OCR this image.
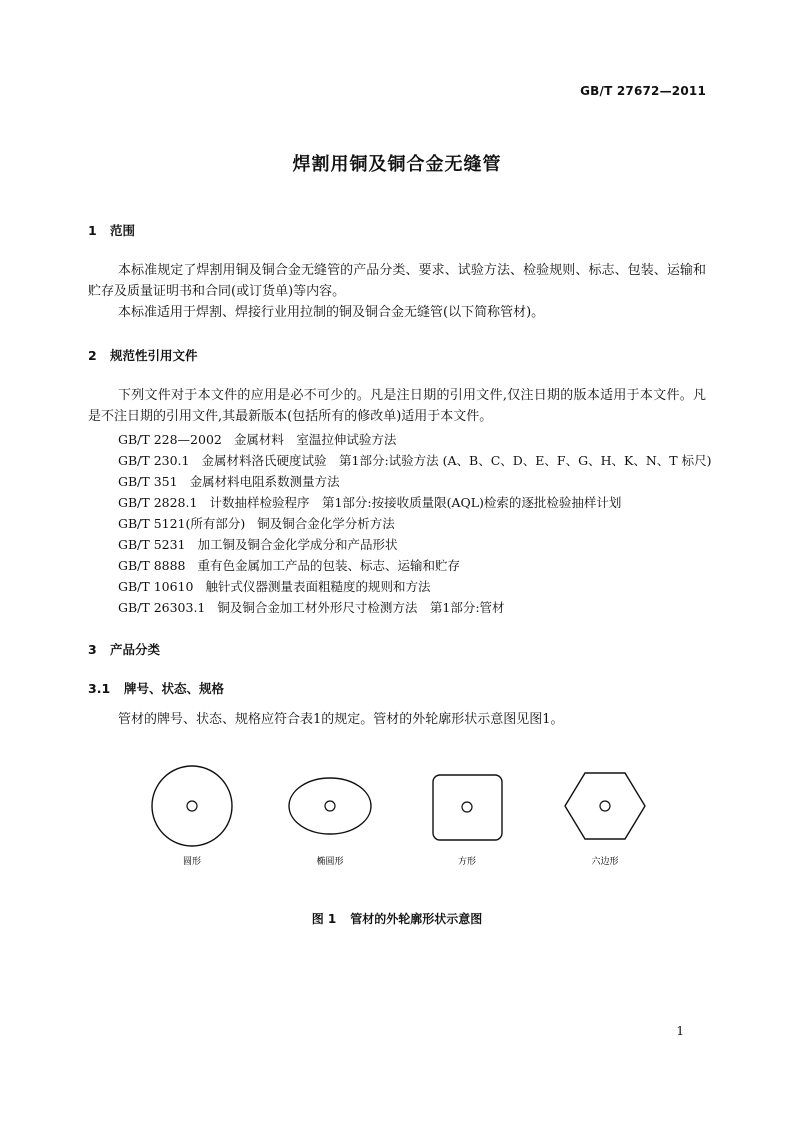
GB/T 27672—2011
焊割用铜及铜合金无缝管
1 范围
本标准规定了焊割用铜及铜合金无缝管的产品分类、要求、试验方法、检验规则、标志、包装、运输和贮存及质量证明书和合同(或订货单)等内容。
本标准适用于焊割、焊接行业用拉制的铜及铜合金无缝管(以下简称管材)。
2 规范性引用文件
下列文件对于本文件的应用是必不可少的。凡是注日期的引用文件,仅注日期的版本适用于本文件。凡是不注日期的引用文件,其最新版本(包括所有的修改单)适用于本文件。
GB/T 228—2002 金属材料　室温拉伸试验方法
GB/T 230.1 金属材料洛氏硬度试验　第1部分:试验方法 (A、B、C、D、E、F、G、H、K、N、T 标尺)
GB/T 351 金属材料电阻系数测量方法
GB/T 2828.1 计数抽样检验程序　第1部分:按接收质量限(AQL)检索的逐批检验抽样计划
GB/T 5121(所有部分) 铜及铜合金化学分析方法
GB/T 5231 加工铜及铜合金化学成分和产品形状
GB/T 8888 重有色金属加工产品的包装、标志、运输和贮存
GB/T 10610 触针式仪器测量表面粗糙度的规则和方法
GB/T 26303.1 铜及铜合金加工材外形尺寸检测方法　第1部分:管材
3 产品分类
3.1 牌号、状态、规格
管材的牌号、状态、规格应符合表1的规定。管材的外轮廓形状示意图见图1。
圆形	椭圆形	方形	六边形
图 1 管材的外轮廓形状示意图
1
